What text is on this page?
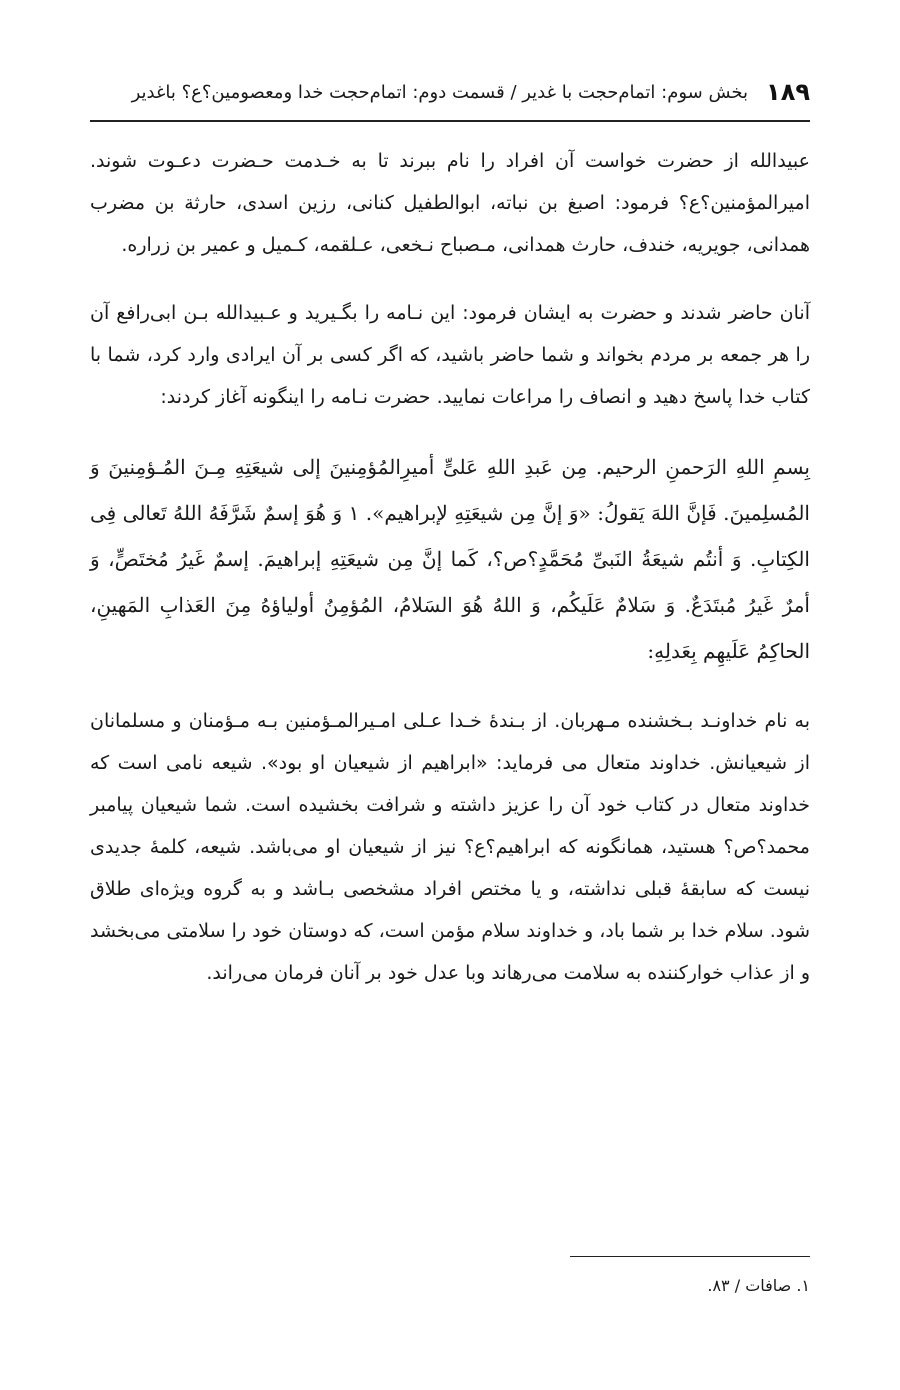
۱۸۹
بخش سوم: اتمام‌حجت با غدیر / قسمت دوم: اتمام‌حجت خدا ومعصومین؟ع؟ باغدیر

عبیدالله از حضرت خواست آن افراد را نام ببرند تا به خـدمت حـضرت دعـوت شوند. امیرالمؤمنین؟ع؟ فرمود: اصبغ بن نباته، ابوالطفیل کنانی، رزین اسدی، حارثة بن مضرب همدانی، جویریه، خندف، حارث همدانی، مـصباح نـخعی، عـلقمه، کـمیل و عمیر بن زراره.

آنان حاضر شدند و حضرت به ایشان فرمود: این نـامه را بگـیرید و عـبیدالله بـن ابی‌رافع آن را هر جمعه بر مردم بخواند و شما حاضر باشید، که اگر کسی بر آن ایرادی وارد کرد، شما با کتاب خدا پاسخ دهید و انصاف را مراعات نمایید. حضرت نـامه را اینگونه آغاز کردند:

بِسمِ اللهِ الرَحمنِ الرحیم. مِن عَبدِ اللهِ عَلیٍّ أمیرِالمُؤمِنینَ إلی شیعَتِهِ مِـنَ المُـؤمِنینَ وَ المُسلِمینَ. فَإنَّ اللهَ یَقولُ: «وَ إنَّ مِن شیعَتِهِ لإبراهیم». ۱ وَ هُوَ إسمٌ شَرَّفَهُ اللهُ تَعالی فِی الکِتابِ. وَ أنتُم شیعَةُ النَبیِّ مُحَمَّدٍ؟ص؟، کَما إنَّ مِن شیعَتِهِ إبراهیمَ. إسمٌ غَیرُ مُختَصٍّ، وَ أمرٌ غَیرُ مُبتَدَعٌ. وَ سَلامٌ عَلَیکُم، وَ اللهُ هُوَ السَلامُ، المُؤمِنُ أولیاؤهُ مِنَ العَذابِ المَهینِ، الحاکِمُ عَلَیهِم بِعَدلِهِ:

به نام خداونـد بـخشنده مـهربان. از بـندهٔ خـدا عـلی امـیرالمـؤمنین بـه مـؤمنان و مسلمانان از شیعیانش. خداوند متعال می فرماید: «ابراهیم از شیعیان او بود». شیعه نامی است که خداوند متعال در کتاب خود آن را عزیز داشته و شرافت بخشیده است. شما شیعیان پیامبر محمد؟ص؟ هستید، همانگونه که ابراهیم؟ع؟ نیز از شیعیان او می‌باشد. شیعه، کلمهٔ جدیدی نیست که سابقهٔ قبلی نداشته، و یا مختص افراد مشخصی بـاشد و به گروه ویژه‌ای طلاق شود. سلام خدا بر شما باد، و خداوند سلام مؤمن است، که دوستان خود را سلامتی می‌بخشد و از عذاب خوارکننده به سلامت می‌رهاند وبا عدل خود بر آنان فرمان می‌راند.

۱. صافات / ۸۳.
